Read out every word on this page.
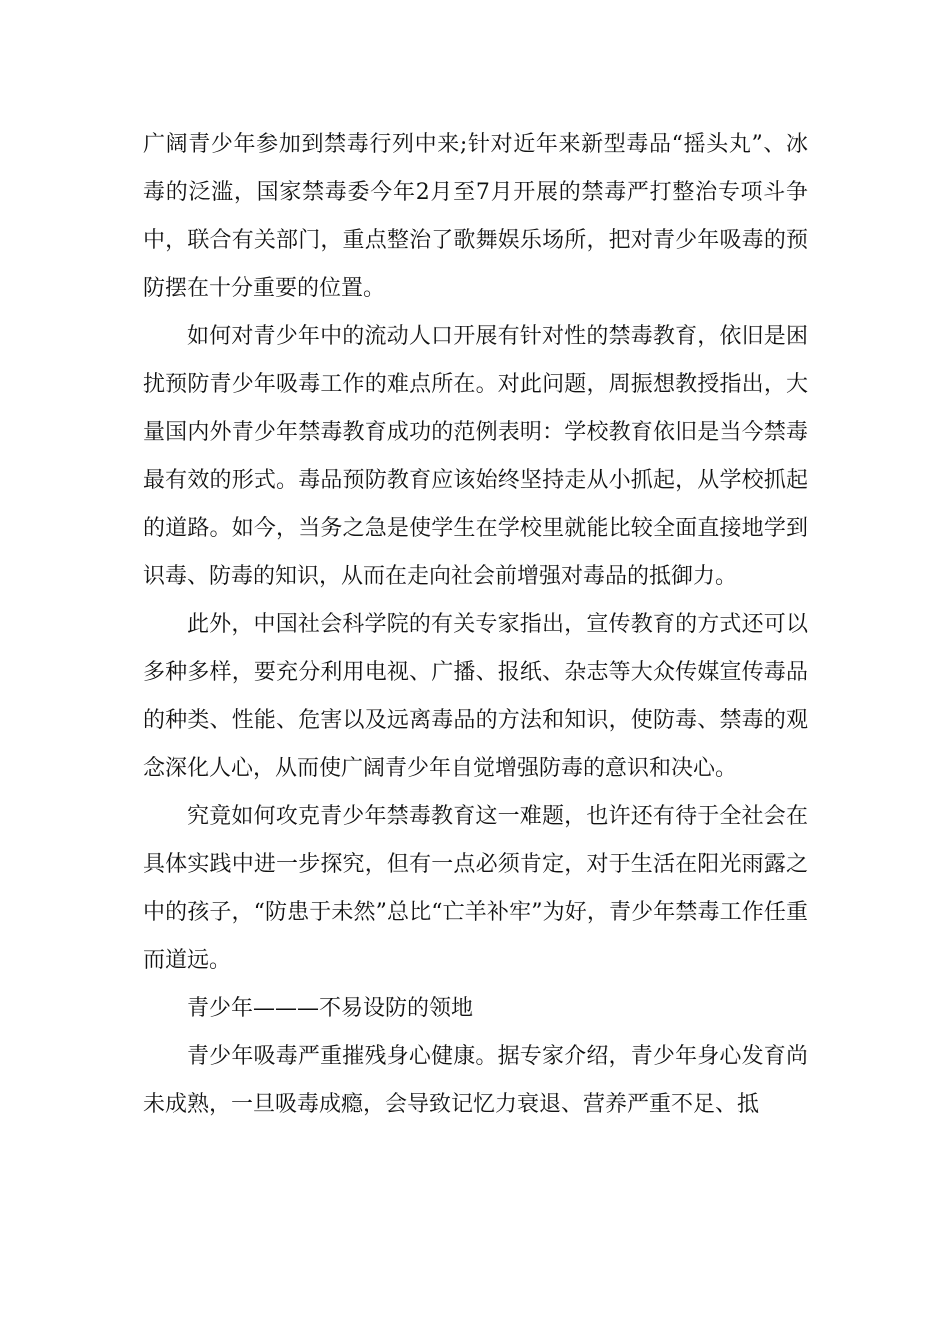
广阔青少年参加到禁毒行列中来;针对近年来新型毒品“摇头丸”、冰毒的泛滥，国家禁毒委今年2月至7月开展的禁毒严打整治专项斗争中，联合有关部门，重点整治了歌舞娱乐场所，把对青少年吸毒的预防摆在十分重要的位置。

如何对青少年中的流动人口开展有针对性的禁毒教育，依旧是困扰预防青少年吸毒工作的难点所在。对此问题，周振想教授指出，大量国内外青少年禁毒教育成功的范例表明：学校教育依旧是当今禁毒最有效的形式。毒品预防教育应该始终坚持走从小抓起，从学校抓起的道路。如今，当务之急是使学生在学校里就能比较全面直接地学到识毒、防毒的知识，从而在走向社会前增强对毒品的抵御力。

此外，中国社会科学院的有关专家指出，宣传教育的方式还可以多种多样，要充分利用电视、广播、报纸、杂志等大众传媒宣传毒品的种类、性能、危害以及远离毒品的方法和知识，使防毒、禁毒的观念深化人心，从而使广阔青少年自觉增强防毒的意识和决心。

究竟如何攻克青少年禁毒教育这一难题，也许还有待于全社会在具体实践中进一步探究，但有一点必须肯定，对于生活在阳光雨露之中的孩子，“防患于未然”总比“亡羊补牢”为好，青少年禁毒工作任重而道远。

青少年———不易设防的领地

青少年吸毒严重摧残身心健康。据专家介绍，青少年身心发育尚未成熟，一旦吸毒成瘾，会导致记忆力衰退、营养严重不足、抵
